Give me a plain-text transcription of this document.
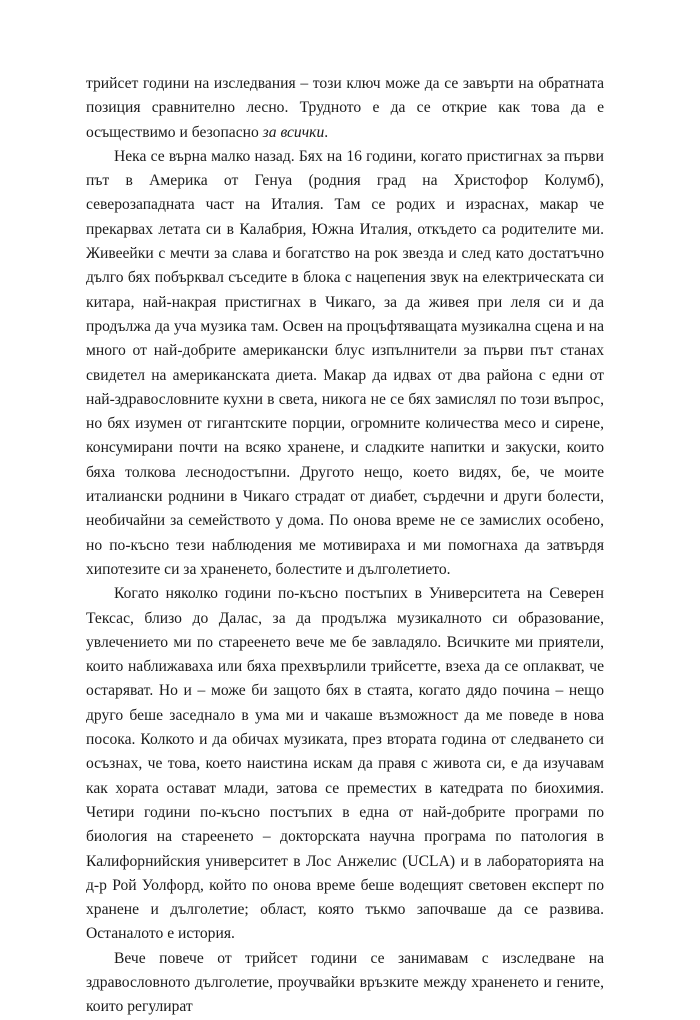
трийсет години на изследвания – този ключ може да се завърти на обратната позиция сравнително лесно. Трудното е да се открие как това да е осъществимо и безопасно за всички.

Нека се върна малко назад. Бях на 16 години, когато пристигнах за първи път в Америка от Генуа (родния град на Христофор Колумб), северозападната част на Италия. Там се родих и израснах, макар че прекарвах летата си в Калабрия, Южна Италия, откъдето са родителите ми. Живеейки с мечти за слава и богатство на рок звезда и след като достатъчно дълго бях побърквал съседите в блока с нацепения звук на електрическата си китара, най-накрая пристигнах в Чикаго, за да живея при леля си и да продължа да уча музика там. Освен на процъфтяващата музикална сцена и на много от най-добрите американски блус изпълнители за първи път станах свидетел на американската диета. Макар да идвах от два района с едни от най-здравословните кухни в света, никога не се бях замислял по този въпрос, но бях изумен от гигантските порции, огромните количества месо и сирене, консумирани почти на всяко хранене, и сладките напитки и закуски, които бяха толкова леснодостъпни. Другото нещо, което видях, бе, че моите италиански роднини в Чикаго страдат от диабет, сърдечни и други болести, необичайни за семейството у дома. По онова време не се замислих особено, но по-късно тези наблюдения ме мотивираха и ми помогнаха да затвърдя хипотезите си за храненето, болестите и дълголетието.

Когато няколко години по-късно постъпих в Университета на Северен Тексас, близо до Далас, за да продължа музикалното си образование, увлечението ми по стареенето вече ме бе завладяло. Всичките ми приятели, които наближаваха или бяха прехвърлили трийсетте, взеха да се оплакват, че остаряват. Но и – може би защото бях в стаята, когато дядо почина – нещо друго беше заседнало в ума ми и чакаше възможност да ме поведе в нова посока. Колкото и да обичах музиката, през втората година от следването си осъзнах, че това, което наистина искам да правя с живота си, е да изучавам как хората остават млади, затова се преместих в катедрата по биохимия. Четири години по-късно постъпих в една от най-добрите програми по биология на стареенето – докторската научна програма по патология в Калифорнийския университет в Лос Анжелис (UCLA) и в лабораторията на д-р Рой Уолфорд, който по онова време беше водещият световен експерт по хранене и дълголетие; област, която тъкмо започваше да се развива. Останалото е история.

Вече повече от трийсет години се занимавам с изследване на здравословното дълголетие, проучвайки връзките между храненето и гените, които регулират
